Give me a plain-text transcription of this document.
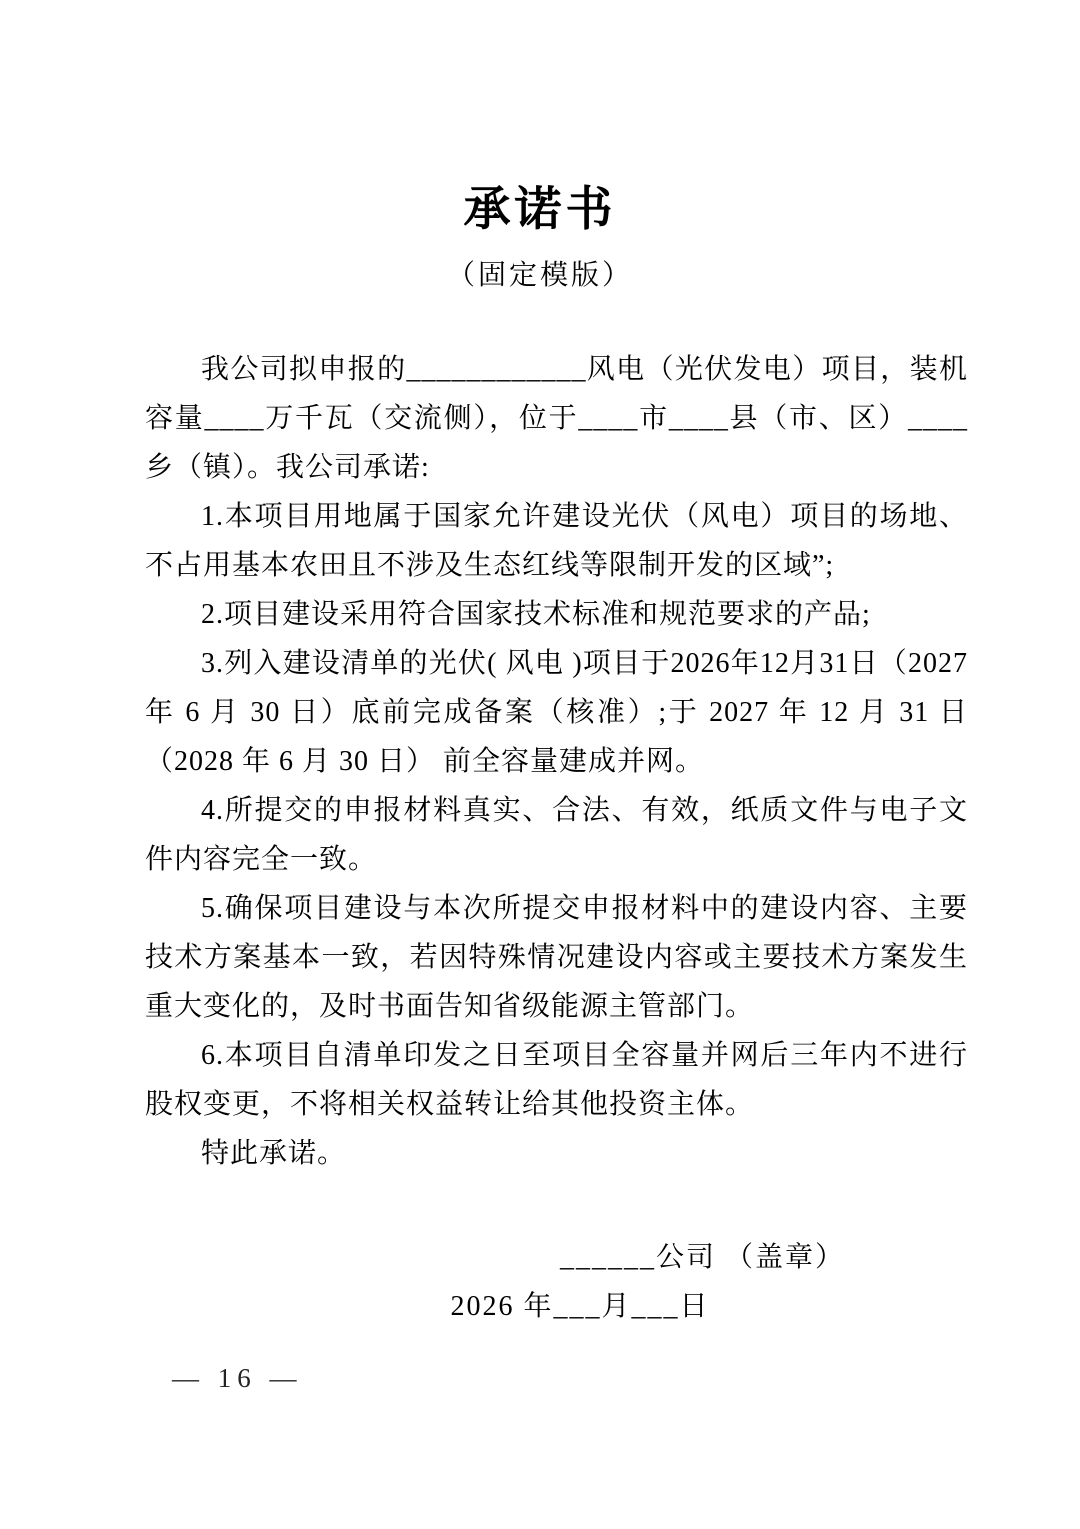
承诺书
（固定模版）

我公司拟申报的____________风电（光伏发电）项目，装机容量____万千瓦（交流侧），位于____市____县（市、区）____乡（镇）。我公司承诺:

1.本项目用地属于国家允许建设光伏（风电）项目的场地、不占用基本农田且不涉及生态红线等限制开发的区域”;

2.项目建设采用符合国家技术标准和规范要求的产品;

3.列入建设清单的光伏( 风电 )项目于2026年12月31日（2027 年 6 月 30 日）底前完成备案（核准）;于 2027 年 12 月 31 日（2028 年 6 月 30 日） 前全容量建成并网。

4.所提交的申报材料真实、合法、有效，纸质文件与电子文件内容完全一致。

5.确保项目建设与本次所提交申报材料中的建设内容、主要技术方案基本一致，若因特殊情况建设内容或主要技术方案发生重大变化的，及时书面告知省级能源主管部门。

6.本项目自清单印发之日至项目全容量并网后三年内不进行股权变更，不将相关权益转让给其他投资主体。

特此承诺。

______公司 （盖章）
2026 年___月___日
— 16 —
